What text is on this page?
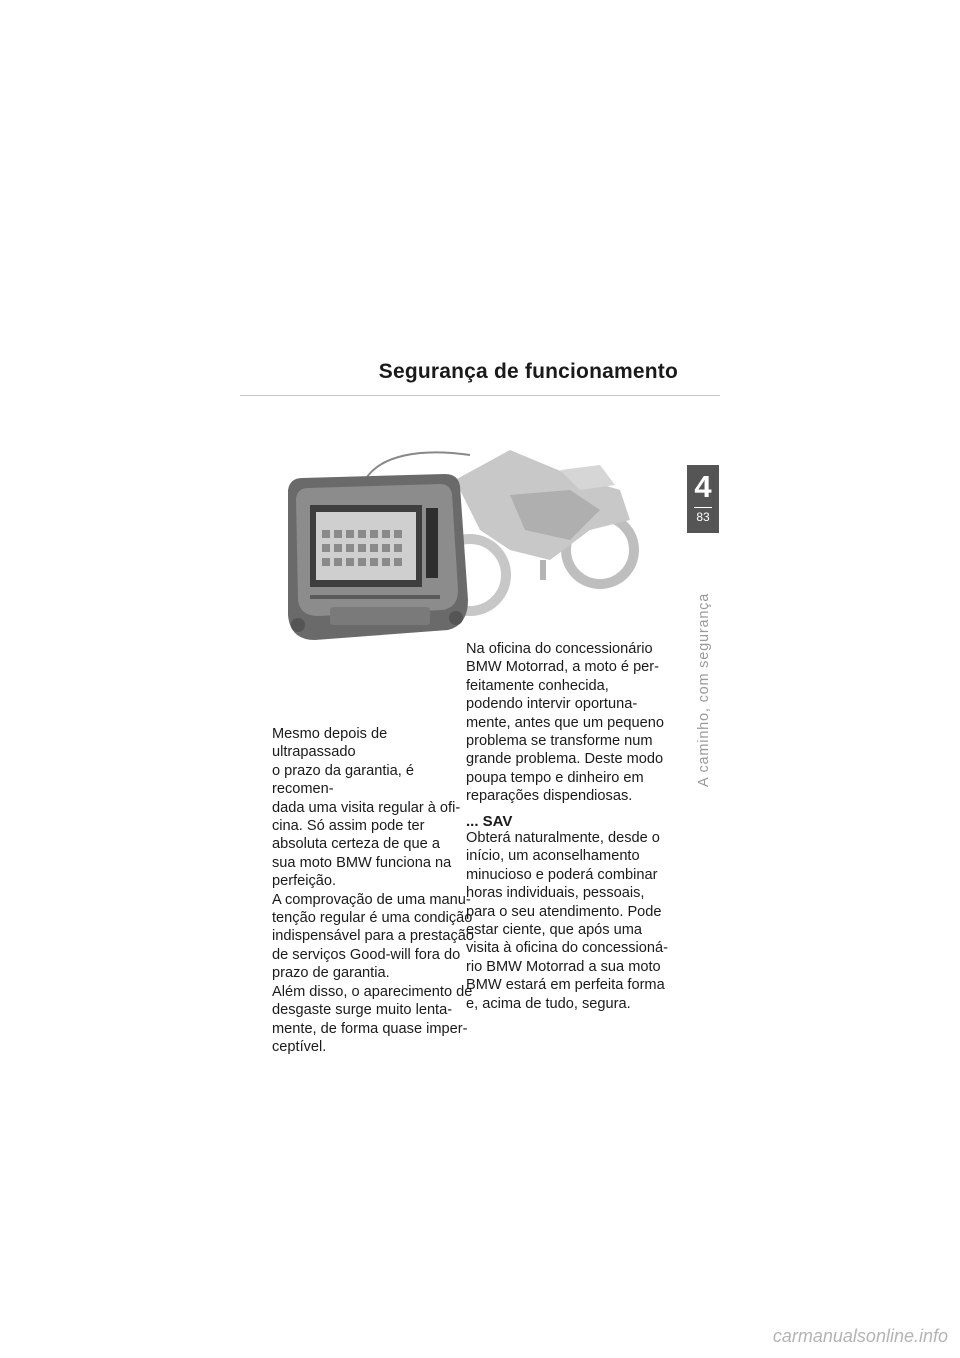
Segurança de funcionamento
4
83
A caminho, com segurança
Mesmo depois de ultrapassado
o prazo da garantia, é recomen-
dada uma visita regular à ofi-
cina. Só assim pode ter
absoluta certeza de que a
sua moto BMW funciona na
perfeição.
A comprovação de uma manu-
tenção regular é uma condição
indispensável para a prestação
de serviços Good-will fora do
prazo de garantia.
Além disso, o aparecimento de
desgaste surge muito lenta-
mente, de forma quase imper-
ceptível.
Na oficina do concessionário
BMW Motorrad, a moto é per-
feitamente conhecida,
podendo intervir oportuna-
mente, antes que um pequeno
problema se transforme num
grande problema. Deste modo
poupa tempo e dinheiro em
reparações dispendiosas.
... SAV
Obterá naturalmente, desde o
início, um aconselhamento
minucioso e poderá combinar
horas individuais, pessoais,
para o seu atendimento. Pode
estar ciente, que após uma
visita à oficina do concessioná-
rio BMW Motorrad a sua moto
BMW estará em perfeita forma
e, acima de tudo, segura.
carmanualsonline.info
